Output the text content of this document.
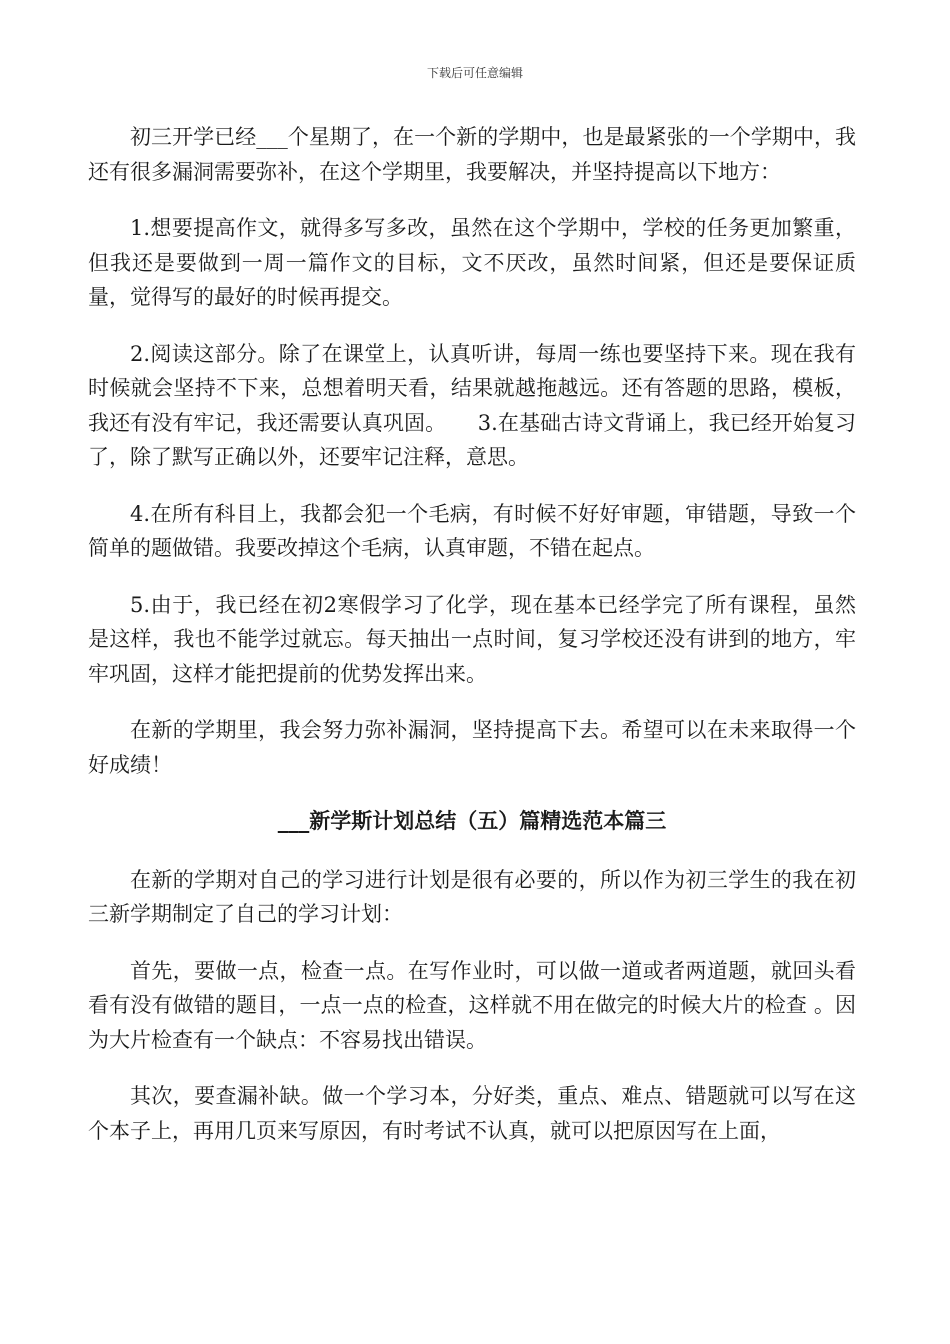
下载后可任意编辑

初三开学已经___个星期了，在一个新的学期中，也是最紧张的一个学期中，我还有很多漏洞需要弥补，在这个学期里，我要解决，并坚持提高以下地方：

1.想要提高作文，就得多写多改，虽然在这个学期中，学校的任务更加繁重，但我还是要做到一周一篇作文的目标，文不厌改，虽然时间紧，但还是要保证质量，觉得写的最好的时候再提交。

2.阅读这部分。除了在课堂上，认真听讲，每周一练也要坚持下来。现在我有时候就会坚持不下来，总想着明天看，结果就越拖越远。还有答题的思路，模板，我还有没有牢记，我还需要认真巩固。　　3.在基础古诗文背诵上，我已经开始复习了，除了默写正确以外，还要牢记注释，意思。

4.在所有科目上，我都会犯一个毛病，有时候不好好审题，审错题，导致一个简单的题做错。我要改掉这个毛病，认真审题，不错在起点。

5.由于，我已经在初2寒假学习了化学，现在基本已经学完了所有课程，虽然是这样，我也不能学过就忘。每天抽出一点时间，复习学校还没有讲到的地方，牢牢巩固，这样才能把提前的优势发挥出来。

在新的学期里，我会努力弥补漏洞，坚持提高下去。希望可以在未来取得一个好成绩！

___新学斯计划总结（五）篇精选范本篇三

在新的学期对自己的学习进行计划是很有必要的，所以作为初三学生的我在初三新学期制定了自己的学习计划：

首先，要做一点，检查一点。在写作业时，可以做一道或者两道题，就回头看看有没有做错的题目，一点一点的检查，这样就不用在做完的时候大片的检查 。因为大片检查有一个缺点：不容易找出错误。

其次，要查漏补缺。做一个学习本，分好类，重点、难点、错题就可以写在这个本子上，再用几页来写原因，有时考试不认真，就可以把原因写在上面，
